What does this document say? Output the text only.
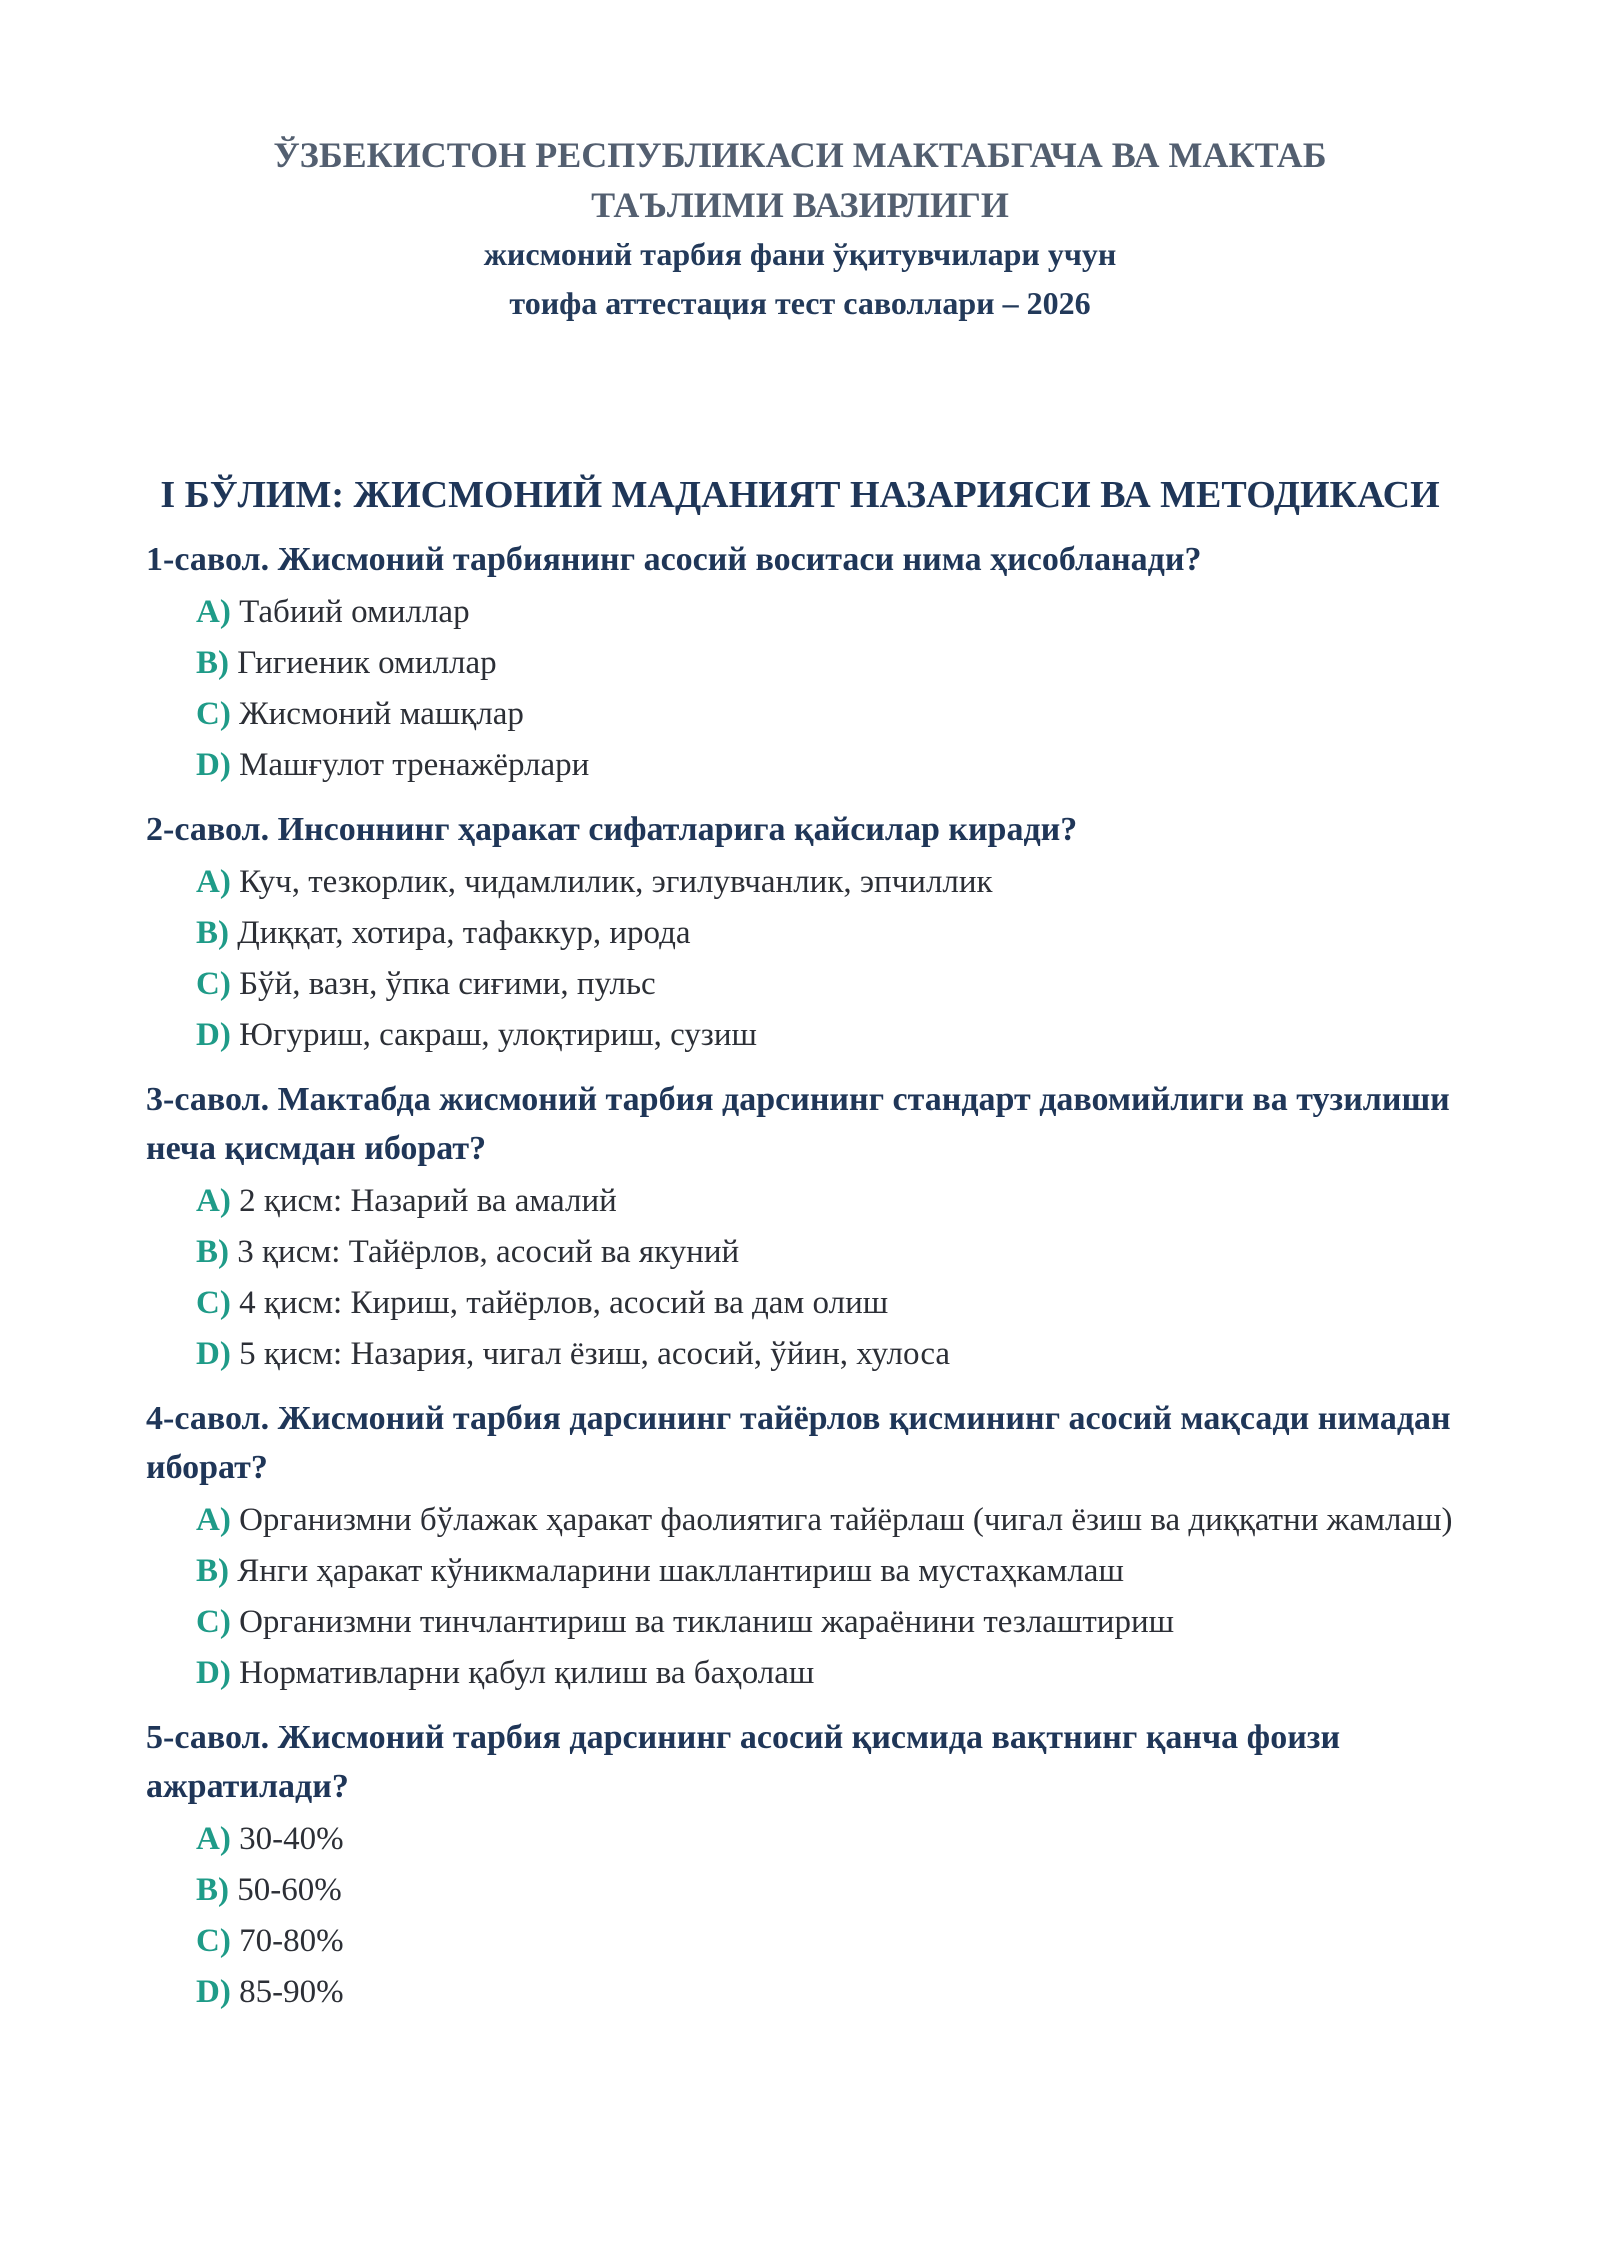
ЎЗБЕКИСТОН РЕСПУБЛИКАСИ МАКТАБГАЧА ВА МАКТАБ
ТАЪЛИМИ ВАЗИРЛИГИ
жисмоний тарбия фани ўқитувчилари учун
тоифа аттестация тест саволлари – 2026
I БЎЛИМ: ЖИСМОНИЙ МАДАНИЯТ НАЗАРИЯСИ ВА МЕТОДИКАСИ
1-савол. Жисмоний тарбиянинг асосий воситаси нима ҳисобланади?
A) Табиий омиллар
B) Гигиеник омиллар
C) Жисмоний машқлар
D) Машғулот тренажёрлари
2-савол. Инсоннинг ҳаракат сифатларига қайсилар киради?
A) Куч, тезкорлик, чидамлилик, эгилувчанлик, эпчиллик
B) Диққат, хотира, тафаккур, ирода
C) Бўй, вазн, ўпка сиғими, пульс
D) Югуриш, сакраш, улоқтириш, сузиш
3-савол. Мактабда жисмоний тарбия дарсининг стандарт давомийлиги ва тузилиши неча қисмдан иборат?
A) 2 қисм: Назарий ва амалий
B) 3 қисм: Тайёрлов, асосий ва якуний
C) 4 қисм: Кириш, тайёрлов, асосий ва дам олиш
D) 5 қисм: Назария, чигал ёзиш, асосий, ўйин, хулоса
4-савол. Жисмоний тарбия дарсининг тайёрлов қисмининг асосий мақсади нимадан иборат?
A) Организмни бўлажак ҳаракат фаолиятига тайёрлаш (чигал ёзиш ва диққатни жамлаш)
B) Янги ҳаракат кўникмаларини шакллантириш ва мустаҳкамлаш
C) Организмни тинчлантириш ва тикланиш жараёнини тезлаштириш
D) Нормативларни қабул қилиш ва баҳолаш
5-савол. Жисмоний тарбия дарсининг асосий қисмида вақтнинг қанча фоизи ажратилади?
A) 30-40%
B) 50-60%
C) 70-80%
D) 85-90%
